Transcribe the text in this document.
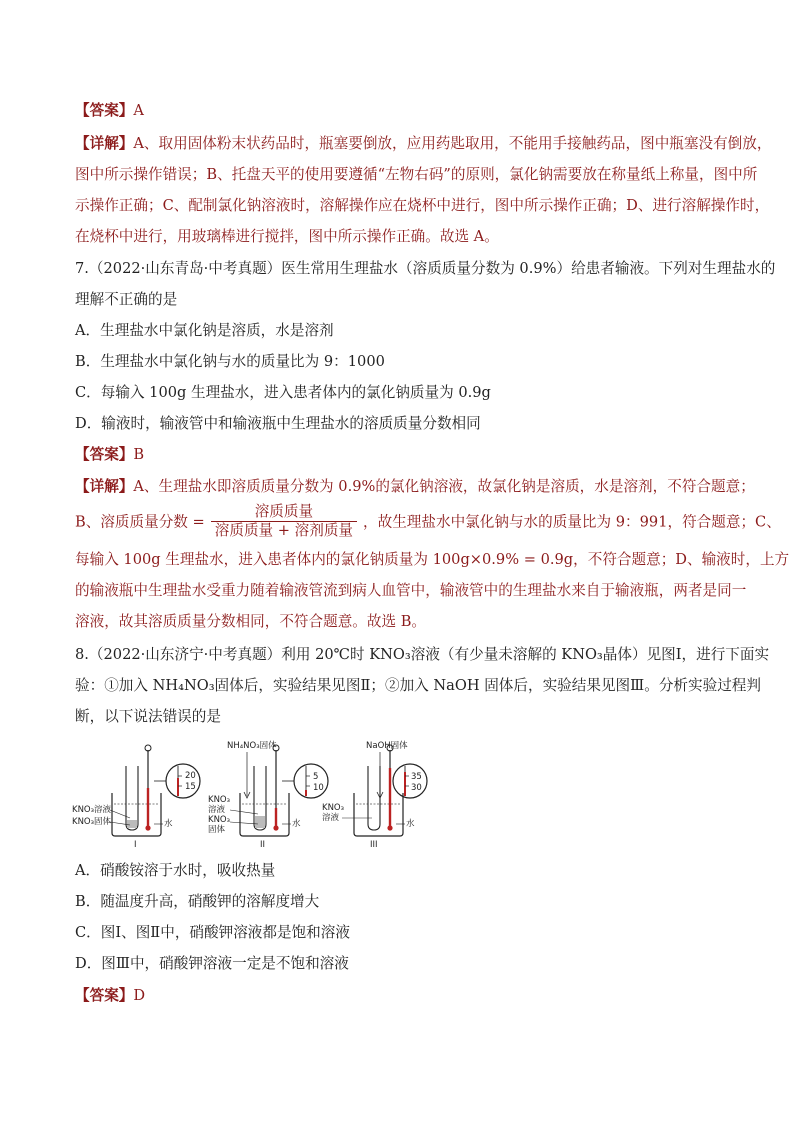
【答案】A
【详解】A、取用固体粉末状药品时，瓶塞要倒放，应用药匙取用，不能用手接触药品，图中瓶塞没有倒放，
图中所示操作错误；B、托盘天平的使用要遵循“左物右码”的原则，氯化钠需要放在称量纸上称量，图中所
示操作正确；C、配制氯化钠溶液时，溶解操作应在烧杯中进行，图中所示操作正确；D、进行溶解操作时，
在烧杯中进行，用玻璃棒进行搅拌，图中所示操作正确。故选 A。
7.（2022·山东青岛·中考真题）医生常用生理盐水（溶质质量分数为 0.9%）给患者输液。下列对生理盐水的
理解不正确的是
A．生理盐水中氯化钠是溶质，水是溶剂
B．生理盐水中氯化钠与水的质量比为 9：1000
C．每输入 100g 生理盐水，进入患者体内的氯化钠质量为 0.9g
D．输液时，输液管中和输液瓶中生理盐水的溶质质量分数相同
【答案】B
【详解】A、生理盐水即溶质质量分数为 0.9%的氯化钠溶液，故氯化钠是溶质，水是溶剂，不符合题意；
B、溶质质量分数 = $\frac{\text{溶质质量}}{\text{溶质质量 + 溶剂质量}}$ ，故生理盐水中氯化钠与水的质量比为 9：991，符合题意；C、
每输入 100g 生理盐水，进入患者体内的氯化钠质量为 100g×0.9% = 0.9g，不符合题意；D、输液时，上方
的输液瓶中生理盐水受重力随着输液管流到病人血管中，输液管中的生理盐水来自于输液瓶，两者是同一
溶液，故其溶质质量分数相同，不符合题意。故选 B。
8.（2022·山东济宁·中考真题）利用 20℃时 KNO₃溶液（有少量未溶解的 KNO₃晶体）见图Ⅰ，进行下面实
验：①加入 NH₄NO₃固体后，实验结果见图Ⅱ；②加入 NaOH 固体后，实验结果见图Ⅲ。分析实验过程判
断，以下说法错误的是
20
15
KNO₃溶液
KNO₃固体	水
I
NH₄NO₃固体
5
10
KNO₃
溶液
KNO₃
固体
水
II
NaOH固体
35
30
KNO₃
溶液
水
III
A．硝酸铵溶于水时，吸收热量
B．随温度升高，硝酸钾的溶解度增大
C．图Ⅰ、图Ⅱ中，硝酸钾溶液都是饱和溶液
D．图Ⅲ中，硝酸钾溶液一定是不饱和溶液
【答案】D
